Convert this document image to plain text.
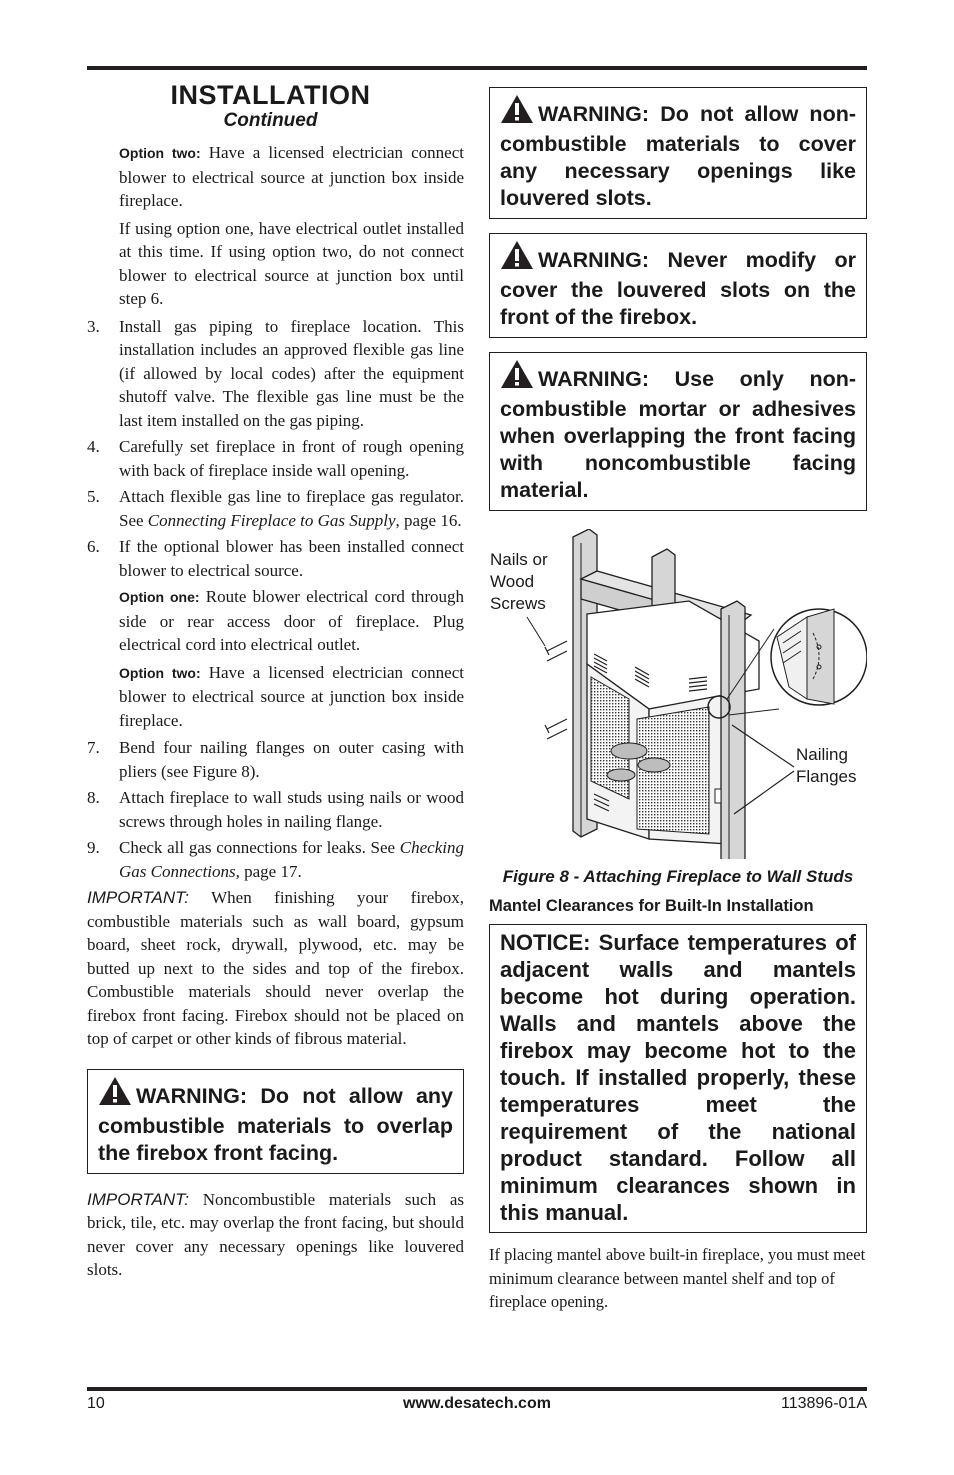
INSTALLATION
Continued

Option two: Have a licensed electrician connect blower to electrical source at junction box inside fireplace.

If using option one, have electrical outlet installed at this time. If using option two, do not connect blower to electrical source at junction box until step 6.

3.	Install gas piping to fireplace location. This installation includes an approved flexible gas line (if allowed by local codes) after the equipment shutoff valve. The flexible gas line must be the last item installed on the gas piping.
4.	Carefully set fireplace in front of rough opening with back of fireplace inside wall opening.
5.	Attach flexible gas line to fireplace gas regulator. See Connecting Fireplace to Gas Supply, page 16.
6.	If the optional blower has been installed connect blower to electrical source.

Option one: Route blower electrical cord through side or rear access door of fireplace. Plug electrical cord into electrical outlet.

Option two: Have a licensed electrician connect blower to electrical source at junction box inside fireplace.

7.	Bend four nailing flanges on outer casing with pliers (see Figure 8).
8.	Attach fireplace to wall studs using nails or wood screws through holes in nailing flange.
9.	Check all gas connections for leaks. See Checking Gas Connections, page 17.

IMPORTANT: When finishing your firebox, combustible materials such as wall board, gypsum board, sheet rock, drywall, plywood, etc. may be butted up next to the sides and top of the firebox. Combustible materials should never overlap the firebox front facing. Firebox should not be placed on top of carpet or other kinds of fibrous material.

WARNING: Do not allow any combustible materials to overlap the firebox front facing.

IMPORTANT: Noncombustible materials such as brick, tile, etc. may overlap the front facing, but should never cover any necessary openings like louvered slots.

WARNING: Do not allow non-combustible materials to cover any necessary openings like louvered slots.
WARNING: Never modify or cover the louvered slots on the front of the firebox.
WARNING: Use only non-combustible mortar or adhesives when overlapping the front facing with noncombustible facing material.
Nails or
Wood
Screws
Nailing
Flanges
Figure 8 - Attaching Fireplace to Wall Studs
Mantel Clearances for Built-In Installation
NOTICE: Surface temperatures of adjacent walls and mantels become hot during operation. Walls and mantels above the firebox may become hot to the touch. If installed properly, these temperatures meet the requirement of the national product standard. Follow all minimum clearances shown in this manual.

If placing mantel above built-in fireplace, you must meet minimum clearance between mantel shelf and top of fireplace opening.

10	www.desatech.com	113896-01A
